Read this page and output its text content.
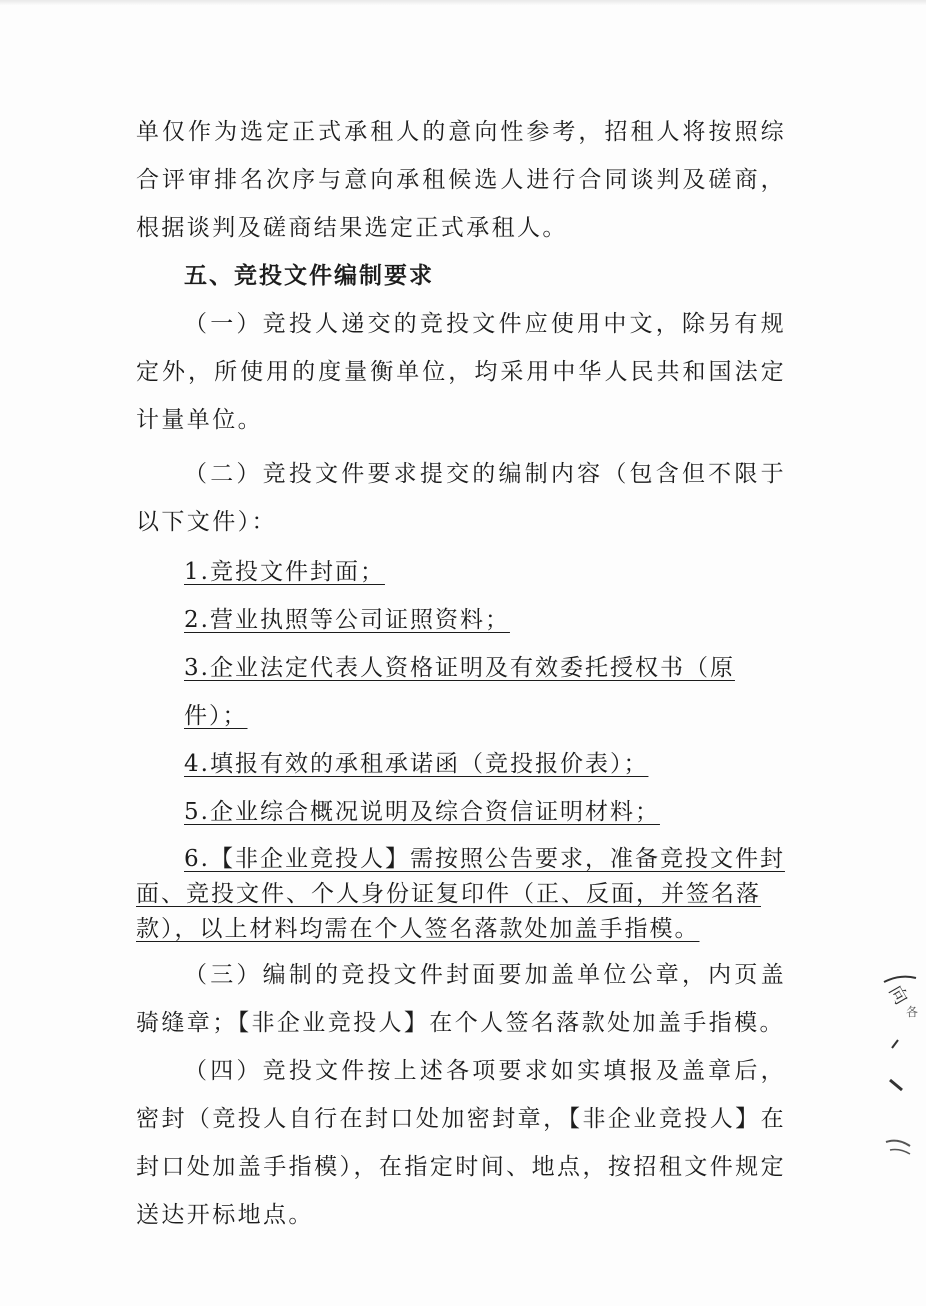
单仅作为选定正式承租人的意向性参考，招租人将按照综合评审排名次序与意向承租候选人进行合同谈判及磋商，根据谈判及磋商结果选定正式承租人。

五、竞投文件编制要求

（一）竞投人递交的竞投文件应使用中文，除另有规定外，所使用的度量衡单位，均采用中华人民共和国法定计量单位。

（二）竞投文件要求提交的编制内容（包含但不限于以下文件）：

1.竞投文件封面；

2.营业执照等公司证照资料；

3.企业法定代表人资格证明及有效委托授权书（原件）；

4.填报有效的承租承诺函（竞投报价表）；

5.企业综合概况说明及综合资信证明材料；

6.【非企业竞投人】需按照公告要求，准备竞投文件封面、竞投文件、个人身份证复印件（正、反面，并签名落款），以上材料均需在个人签名落款处加盖手指模。

（三）编制的竞投文件封面要加盖单位公章，内页盖骑缝章；【非企业竞投人】在个人签名落款处加盖手指模。

（四）竞投文件按上述各项要求如实填报及盖章后，密封（竞投人自行在封口处加密封章，【非企业竞投人】在封口处加盖手指模），在指定时间、地点，按招租文件规定送达开标地点。

向
各
